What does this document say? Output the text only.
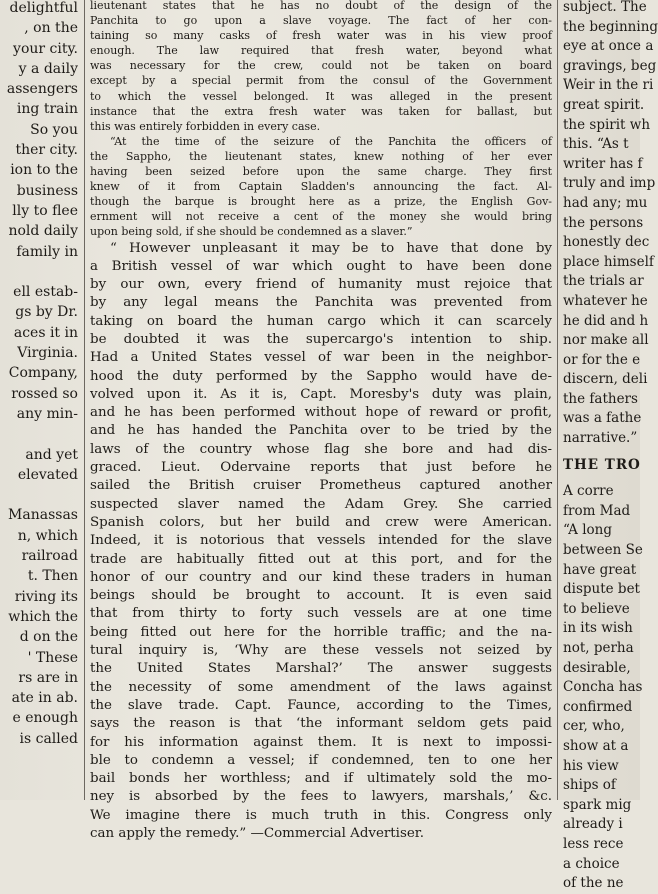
delightful
, on the
your city.
y a daily
assengers
ing train
So you
ther city.
ion to the
business
lly to flee
nold daily
family in
ell estab-
gs by Dr.
aces it in
Virginia.
Company,
rossed so
any min-
and yet
elevated
Manassas
n, which
railroad
t. Then
riving its
which the
d on the
' These
rs are in
ate in ab.
e enough
is called
lieutenant states that he has no doubt of the design of the
Panchita to go upon a slave voyage. The fact of her con-
taining so many casks of fresh water was in his view proof
enough. The law required that fresh water, beyond what
was necessary for the crew, could not be taken on board
except by a special permit from the consul of the Government
to which the vessel belonged. It was alleged in the present
instance that the extra fresh water was taken for ballast, but
this was entirely forbidden in every case.
“At the time of the seizure of the Panchita the officers of
the Sappho, the lieutenant states, knew nothing of her ever
having been seized before upon the same charge. They first
knew of it from Captain Sladden's announcing the fact. Al-
though the barque is brought here as a prize, the English Gov-
ernment will not receive a cent of the money she would bring
upon being sold, if she should be condemned as a slaver.”
“ However unpleasant it may be to have that done by
a British vessel of war which ought to have been done
by our own, every friend of humanity must rejoice that
by any legal means the Panchita was prevented from
taking on board the human cargo which it can scarcely
be doubted it was the supercargo's intention to ship.
Had a United States vessel of war been in the neighbor-
hood the duty performed by the Sappho would have de-
volved upon it. As it is, Capt. Moresby's duty was plain,
and he has been performed without hope of reward or profit,
and he has handed the Panchita over to be tried by the
laws of the country whose flag she bore and had dis-
graced. Lieut. Odervaine reports that just before he
sailed the British cruiser Prometheus captured another
suspected slaver named the Adam Grey. She carried
Spanish colors, but her build and crew were American.
Indeed, it is notorious that vessels intended for the slave
trade are habitually fitted out at this port, and for the
honor of our country and our kind these traders in human
beings should be brought to account. It is even said
that from thirty to forty such vessels are at one time
being fitted out here for the horrible traffic; and the na-
tural inquiry is, ‘Why are these vessels not seized by
the United States Marshal?’ The answer suggests
the necessity of some amendment of the laws against
the slave trade. Capt. Faunce, according to the Times,
says the reason is that ‘the informant seldom gets paid
for his information against them. It is next to impossi-
ble to condemn a vessel; if condemned, ten to one her
bail bonds her worthless; and if ultimately sold the mo-
ney is absorbed by the fees to lawyers, marshals,’ &c.
We imagine there is much truth in this. Congress only
can apply the remedy.” —Commercial Advertiser.
subject. The
the beginning
eye at once a
gravings, beg
Weir in the ri
great spirit.
the spirit wh
this. “As t
writer has f
truly and imp
had any; mu
the persons
honestly dec
place himself
the trials ar
whatever he
he did and h
nor make all
or for the e
discern, deli
the fathers
was a fathe
narrative.”
THE TRO
A corre
from Mad
“A long
between Se
have great
dispute bet
to believe
in its wish
not, perha
desirable,
Concha has
confirmed
cer, who,
show at a
his view
ships of
spark mig
already i
less rece
a choice
of the ne
